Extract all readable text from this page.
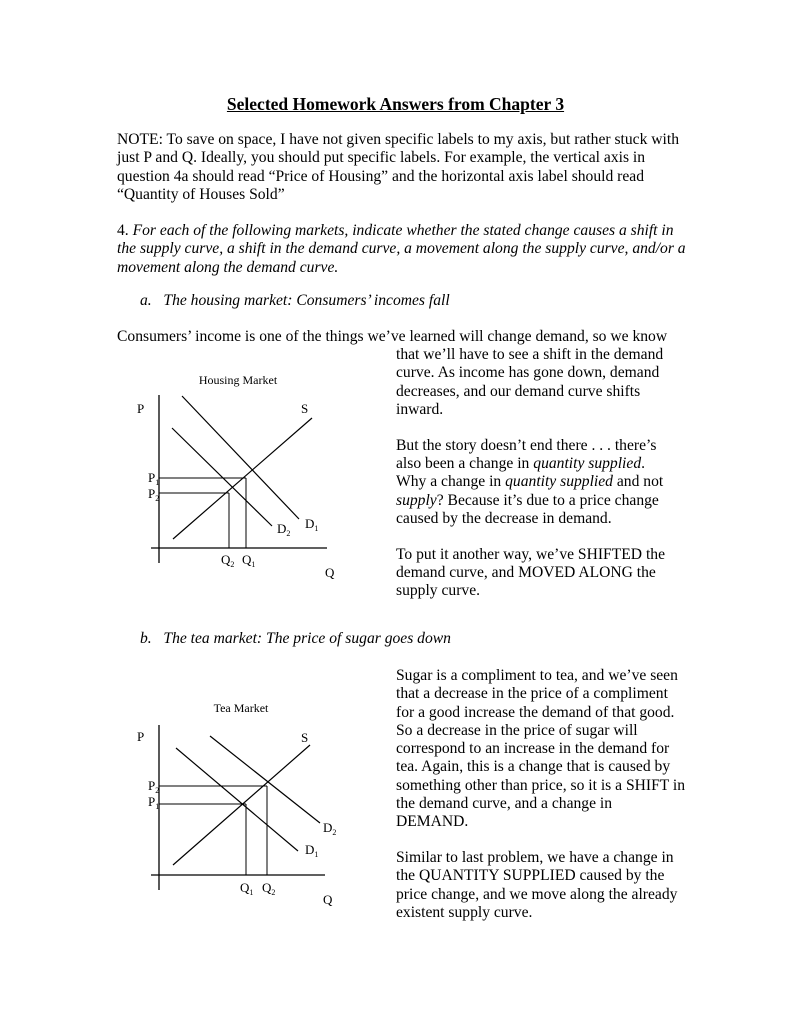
Selected Homework Answers from Chapter 3
NOTE: To save on space, I have not given specific labels to my axis, but rather stuck with just P and Q. Ideally, you should put specific labels. For example, the vertical axis in question 4a should read “Price of Housing” and the horizontal axis label should read “Quantity of Houses Sold”
4. For each of the following markets, indicate whether the stated change causes a shift in the supply curve, a shift in the demand curve, a movement along the supply curve, and/or a movement along the demand curve.
a.   The housing market: Consumers’ incomes fall
Consumers’ income is one of the things we’ve learned will change demand, so we know
that we’ll have to see a shift in the demand curve. As income has gone down, demand decreases, and our demand curve shifts inward.
But the story doesn’t end there . . . there’s also been a change in quantity supplied. Why a change in quantity supplied and not supply? Because it’s due to a price change caused by the decrease in demand.
To put it another way, we’ve SHIFTED the demand curve, and MOVED ALONG the supply curve.
Housing Market
P	S
$D_1$
$D_2$
$P_1$
$P_2$
$Q_2$ $Q_1$
Q
b.   The tea market: The price of sugar goes down
Sugar is a compliment to tea, and we’ve seen that a decrease in the price of a compliment for a good increase the demand of that good. So a decrease in the price of sugar will correspond to an increase in the demand for tea. Again, this is a change that is caused by something other than price, so it is a SHIFT in the demand curve, and a change in DEMAND.
Similar to last problem, we have a change in the QUANTITY SUPPLIED caused by the price change, and we move along the already existent supply curve.
Tea Market
P	S
$D_2$
$D_1$
$P_2$
$P_1$
$Q_1$ $Q_2$	Q
